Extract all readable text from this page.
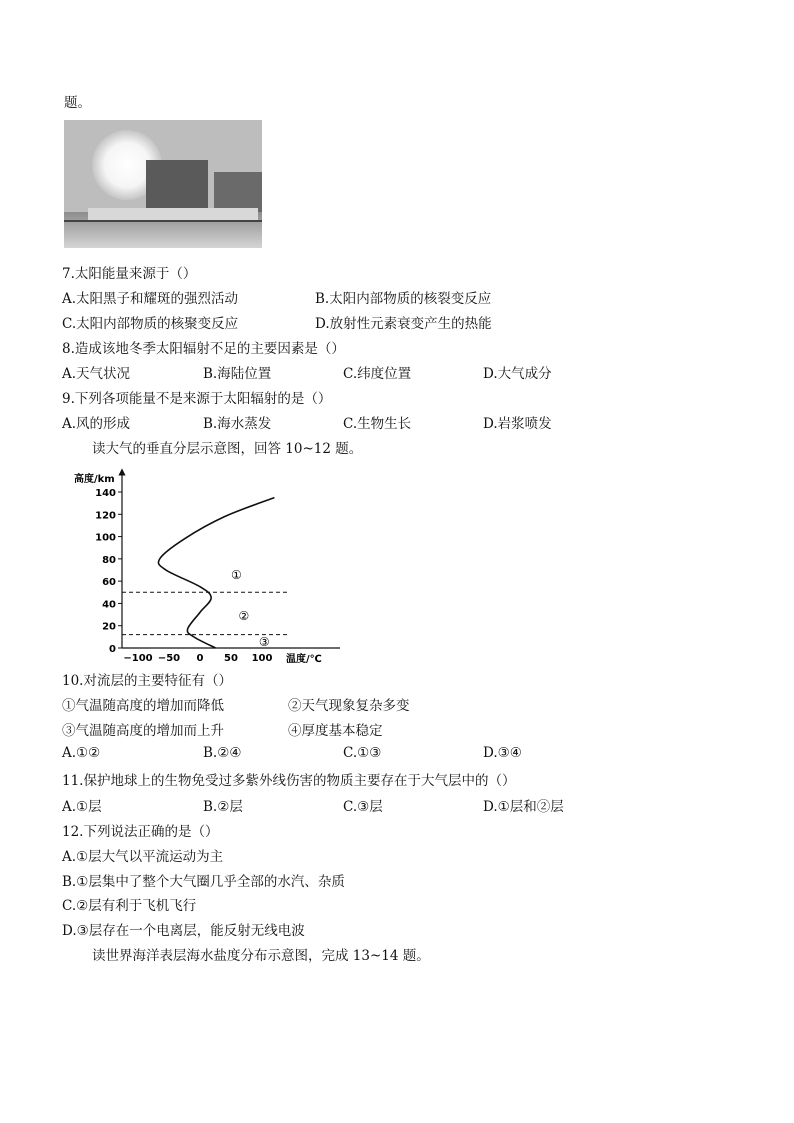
题。
7.太阳能量来源于（）
A.太阳黑子和耀斑的强烈活动	B.太阳内部物质的核裂变反应
C.太阳内部物质的核聚变反应	D.放射性元素衰变产生的热能
8.造成该地冬季太阳辐射不足的主要因素是（）
A.天气状况	B.海陆位置	C.纬度位置	D.大气成分
9.下列各项能量不是来源于太阳辐射的是（）
A.风的形成	B.海水蒸发	C.生物生长	D.岩浆喷发
读大气的垂直分层示意图，回答 10~12 题。
高度/km
温度/℃
0
20
40
60
80
100
120
140
−100 −50 0 50 100
①
②
③
10.对流层的主要特征有（）
①气温随高度的增加而降低	②天气现象复杂多变
③气温随高度的增加而上升	④厚度基本稳定
A.①②	B.②④	C.①③	D.③④
11.保护地球上的生物免受过多紫外线伤害的物质主要存在于大气层中的（）
A.①层	B.②层	C.③层	D.①层和②层
12.下列说法正确的是（）
A.①层大气以平流运动为主
B.①层集中了整个大气圈几乎全部的水汽、杂质
C.②层有利于飞机飞行
D.③层存在一个电离层，能反射无线电波
读世界海洋表层海水盐度分布示意图，完成 13~14 题。
